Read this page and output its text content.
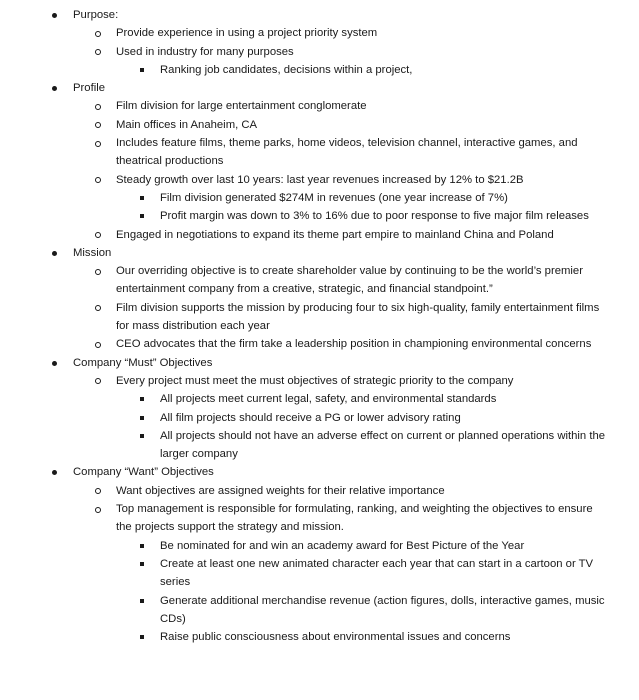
Purpose:
Provide experience in using a project priority system
Used in industry for many purposes
Ranking job candidates, decisions within a project,
Profile
Film division for large entertainment conglomerate
Main offices in Anaheim, CA
Includes feature films, theme parks, home videos, television channel, interactive games, and theatrical productions
Steady growth over last 10 years: last year revenues increased by 12% to $21.2B
Film division generated $274M in revenues (one year increase of 7%)
Profit margin was down to 3% to 16% due to poor response to five major film releases
Engaged in negotiations to expand its theme part empire to mainland China and Poland
Mission
Our overriding objective is to create shareholder value by continuing to be the world’s premier entertainment company from a creative, strategic, and financial standpoint.”
Film division supports the mission by producing four to six high-quality, family entertainment films for mass distribution each year
CEO advocates that the firm take a leadership position in championing environmental concerns
Company “Must” Objectives
Every project must meet the must objectives of strategic priority to the company
All projects meet current legal, safety, and environmental standards
All film projects should receive a PG or lower advisory rating
All projects should not have an adverse effect on current or planned operations within the larger company
Company “Want” Objectives
Want objectives are assigned weights for their relative importance
Top management is responsible for formulating, ranking, and weighting the objectives to ensure the projects support the strategy and mission.
Be nominated for and win an academy award for Best Picture of the Year
Create at least one new animated character each year that can start in a cartoon or TV series
Generate additional merchandise revenue (action figures, dolls, interactive games, music CDs)
Raise public consciousness about environmental issues and concerns
